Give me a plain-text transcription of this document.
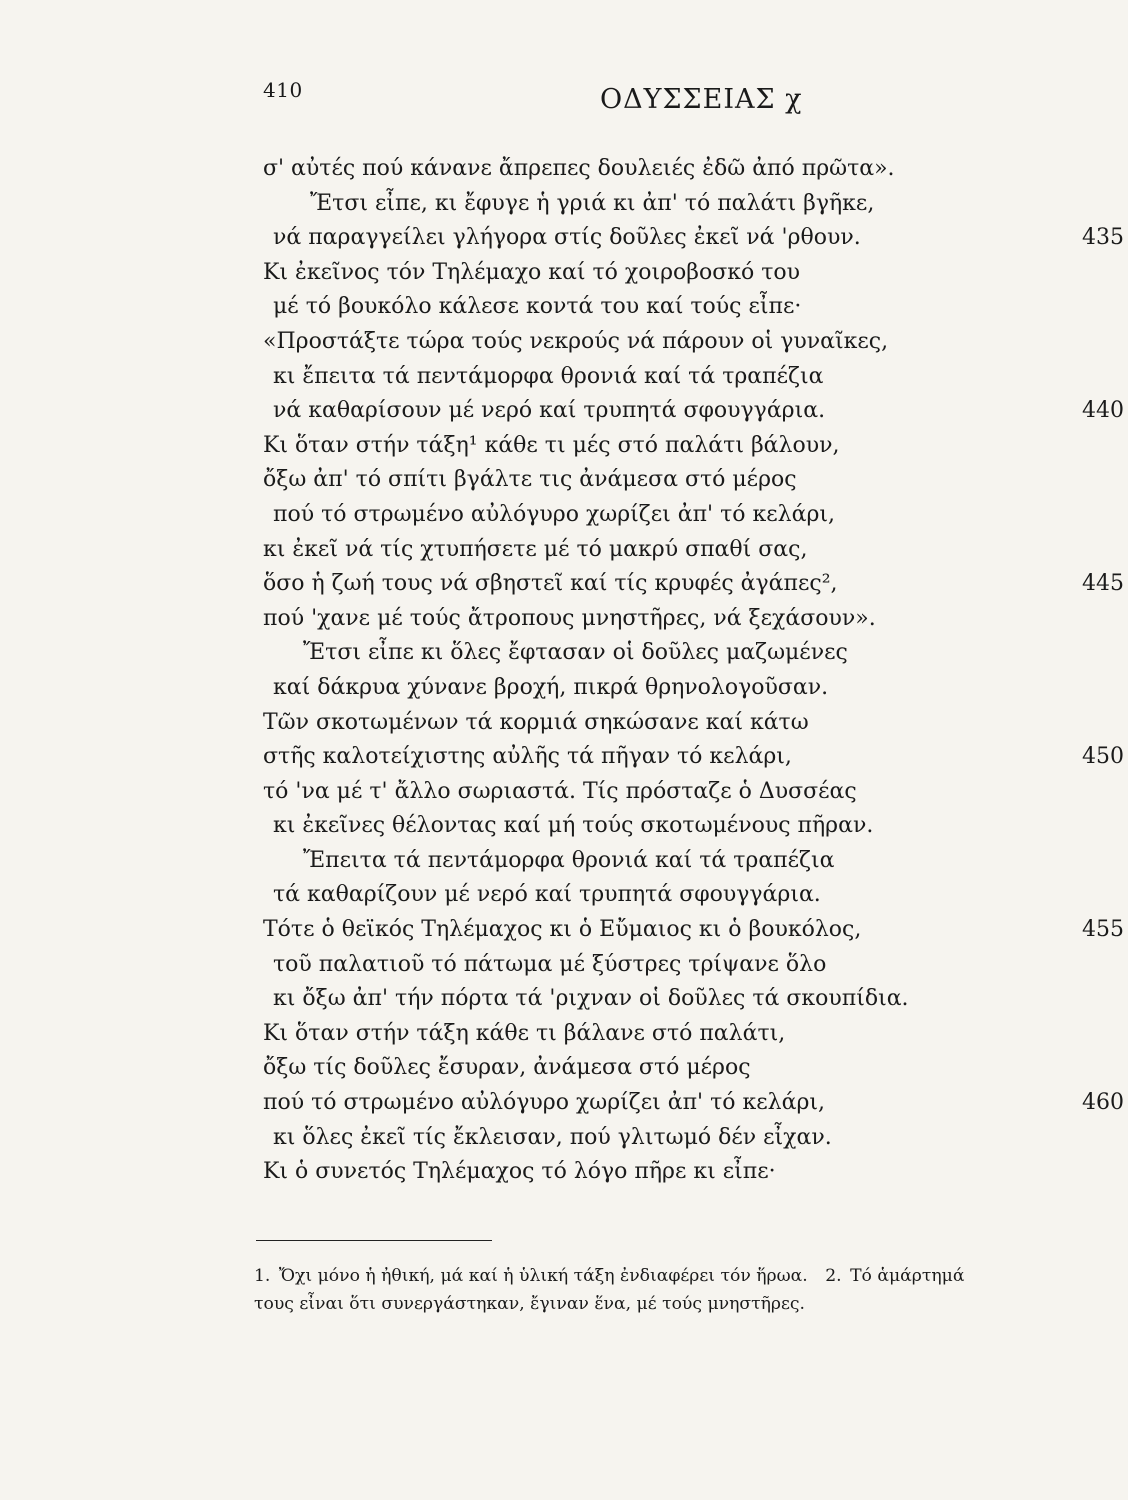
410	ΟΔΥΣΣΕΙΑΣ χ
σ' αὐτές πού κάνανε ἄπρεπες δουλειές ἐδῶ ἀπό πρῶτα».
Ἔτσι εἶπε, κι ἔφυγε ἡ γριά κι ἀπ' τό παλάτι βγῆκε,
νά παραγγείλει γλήγορα στίς δοῦλες ἐκεῖ νά 'ρθουν.	435
Κι ἐκεῖνος τόν Τηλέμαχο καί τό χοιροβοσκό του
μέ τό βουκόλο κάλεσε κοντά του καί τούς εἶπε·
«Προστάξτε τώρα τούς νεκρούς νά πάρουν οἱ γυναῖκες,
κι ἔπειτα τά πεντάμορφα θρονιά καί τά τραπέζια
νά καθαρίσουν μέ νερό καί τρυπητά σφουγγάρια.	440
Κι ὅταν στήν τάξη¹ κάθε τι μές στό παλάτι βάλουν,
ὄξω ἀπ' τό σπίτι βγάλτε τις ἀνάμεσα στό μέρος
πού τό στρωμένο αὐλόγυρο χωρίζει ἀπ' τό κελάρι,
κι ἐκεῖ νά τίς χτυπήσετε μέ τό μακρύ σπαθί σας,
ὅσο ἡ ζωή τους νά σβηστεῖ καί τίς κρυφές ἀγάπες²,	445
πού 'χανε μέ τούς ἄτροπους μνηστῆρες, νά ξεχάσουν».
Ἔτσι εἶπε κι ὅλες ἔφτασαν οἱ δοῦλες μαζωμένες
καί δάκρυα χύνανε βροχή, πικρά θρηνολογοῦσαν.
Τῶν σκοτωμένων τά κορμιά σηκώσανε καί κάτω
στῆς καλοτείχιστης αὐλῆς τά πῆγαν τό κελάρι,	450
τό 'να μέ τ' ἄλλο σωριαστά. Τίς πρόσταζε ὁ Δυσσέας
κι ἐκεῖνες θέλοντας καί μή τούς σκοτωμένους πῆραν.
Ἔπειτα τά πεντάμορφα θρονιά καί τά τραπέζια
τά καθαρίζουν μέ νερό καί τρυπητά σφουγγάρια.
Τότε ὁ θεϊκός Τηλέμαχος κι ὁ Εὔμαιος κι ὁ βουκόλος,	455
τοῦ παλατιοῦ τό πάτωμα μέ ξύστρες τρίψανε ὅλο
κι ὄξω ἀπ' τήν πόρτα τά 'ριχναν οἱ δοῦλες τά σκουπίδια.
Κι ὅταν στήν τάξη κάθε τι βάλανε στό παλάτι,
ὄξω τίς δοῦλες ἔσυραν, ἀνάμεσα στό μέρος
πού τό στρωμένο αὐλόγυρο χωρίζει ἀπ' τό κελάρι,	460
κι ὅλες ἐκεῖ τίς ἔκλεισαν, πού γλιτωμό δέν εἶχαν.
Κι ὁ συνετός Τηλέμαχος τό λόγο πῆρε κι εἶπε·

1. Ὄχι μόνο ἡ ἠθική, μά καί ἡ ὑλική τάξη ἐνδιαφέρει τόν ἥρωα. 2. Τό ἁμάρτημά

τους εἶναι ὅτι συνεργάστηκαν, ἔγιναν ἕνα, μέ τούς μνηστῆρες.
